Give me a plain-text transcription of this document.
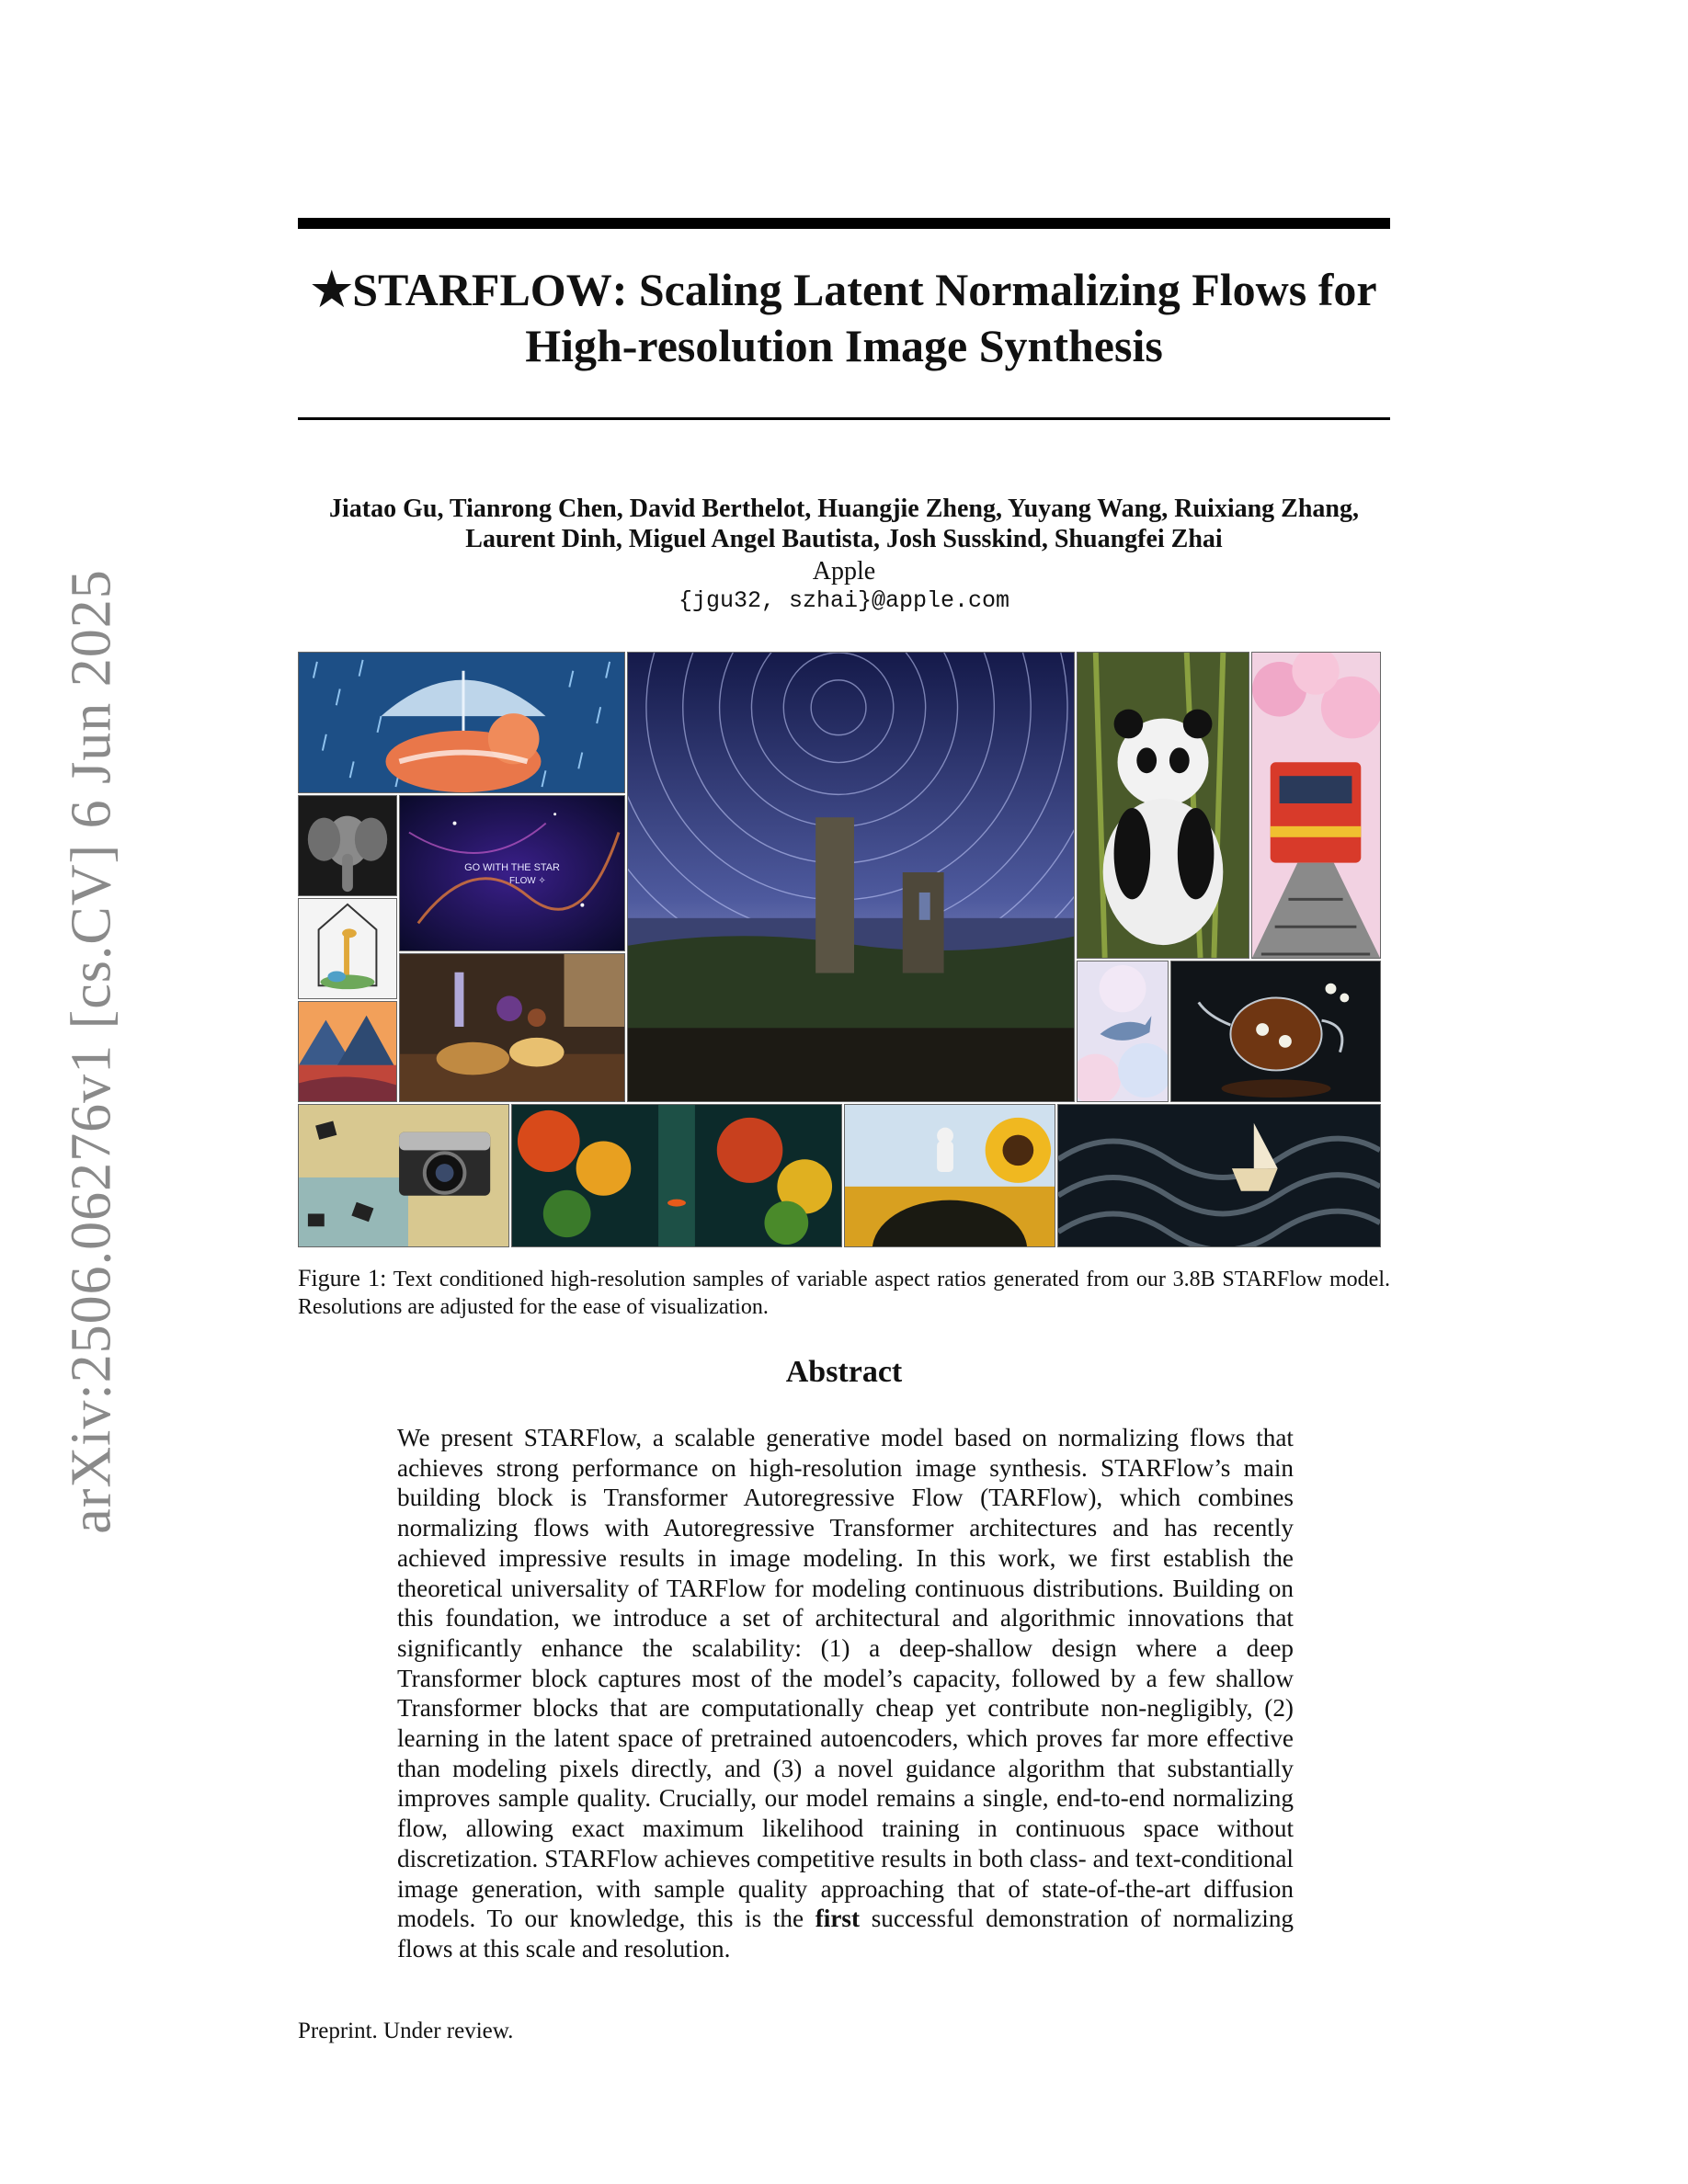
arXiv:2506.06276v1 [cs.CV] 6 Jun 2025
★STARFLOW: Scaling Latent Normalizing Flows for
High-resolution Image Synthesis
Jiatao Gu, Tianrong Chen, David Berthelot, Huangjie Zheng, Yuyang Wang, Ruixiang Zhang,
Laurent Dinh, Miguel Angel Bautista, Josh Susskind, Shuangfei Zhai
Apple
{jgu32, szhai}@apple.com
GO WITH THE STAR
FLOW ✧
Figure 1: Text conditioned high-resolution samples of variable aspect ratios generated from our 3.8B STARFlow model. Resolutions are adjusted for the ease of visualization.
Abstract
We present STARFlow, a scalable generative model based on normalizing flows that achieves strong performance on high-resolution image synthesis. STARFlow’s main building block is Transformer Autoregressive Flow (TARFlow), which combines normalizing flows with Autoregressive Transformer architectures and has recently achieved impressive results in image modeling. In this work, we first establish the theoretical universality of TARFlow for modeling continuous distributions. Building on this foundation, we introduce a set of architectural and algorithmic innovations that significantly enhance the scalability: (1) a deep-shallow design where a deep Transformer block captures most of the model’s capacity, followed by a few shallow Transformer blocks that are computationally cheap yet contribute non-negligibly, (2) learning in the latent space of pretrained autoencoders, which proves far more effective than modeling pixels directly, and (3) a novel guidance algorithm that substantially improves sample quality. Crucially, our model remains a single, end-to-end normalizing flow, allowing exact maximum likelihood training in continuous space without discretization. STARFlow achieves competitive results in both class- and text-conditional image generation, with sample quality approaching that of state-of-the-art diffusion models. To our knowledge, this is the first successful demonstration of normalizing flows at this scale and resolution.
Preprint. Under review.
